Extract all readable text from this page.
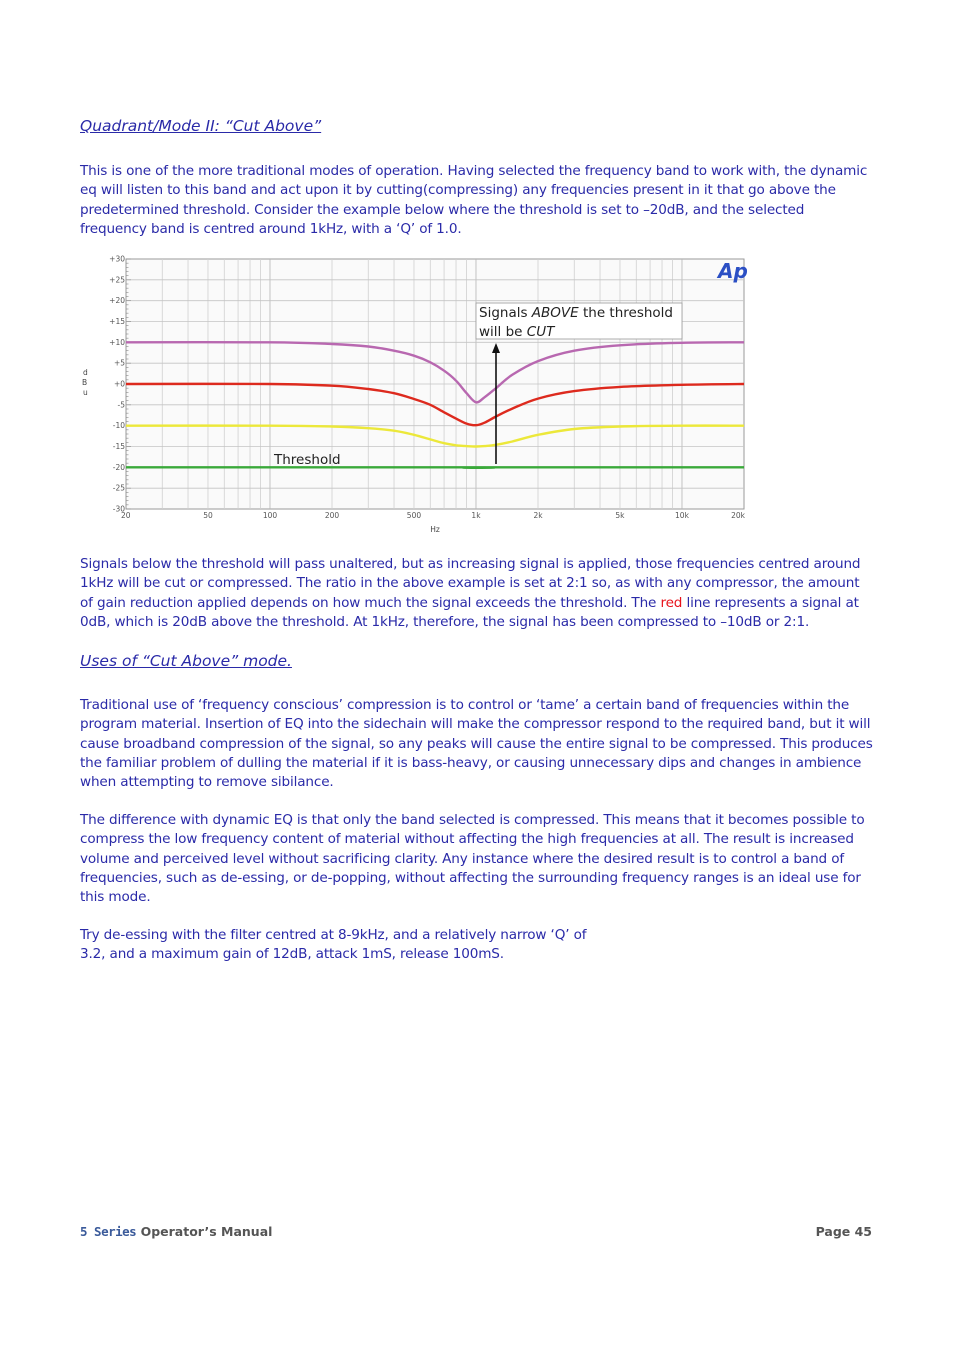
Quadrant/Mode II: “Cut Above”

This is one of the more traditional modes of operation. Having selected the frequency band to work with, the dynamic eq will listen to this band and act upon it by cutting(compressing) any frequencies present in it that go above the predetermined threshold. Consider the example below where the threshold is set to –20dB, and the selected frequency band is centred around 1kHz, with a ‘Q’ of 1.0.

+30
+25
+20
+15
+10
+5
+0
-5
-10
-15
-20
-25
-30
20	50	100	200	500	1k	2k	5k	10k	20k
d
B
u
Hz
Signals ABOVE the threshold
will be CUT
Threshold
Ap

Signals below the threshold will pass unaltered, but as increasing signal is applied, those frequencies centred around 1kHz will be cut or compressed. The ratio in the above example is set at 2:1 so, as with any compressor, the amount of gain reduction applied depends on how much the signal exceeds the threshold. The red line represents a signal at 0dB, which is 20dB above the threshold. At 1kHz, therefore, the signal has been compressed to –10dB or 2:1.

Uses of “Cut Above” mode.

Traditional use of ‘frequency conscious’ compression is to control or ‘tame’ a certain band of frequencies within the program material. Insertion of EQ into the sidechain will make the compressor respond to the required band, but it will cause broadband compression of the signal, so any peaks will cause the entire signal to be compressed. This produces the familiar problem of dulling the material if it is bass-heavy, or causing unnecessary dips and changes in ambience when attempting to remove sibilance.

The difference with dynamic EQ is that only the band selected is compressed. This means that it becomes possible to compress the low frequency content of material without affecting the high frequencies at all. The result is increased volume and perceived level without sacrificing clarity. Any instance where the desired result is to control a band of frequencies, such as de-essing, or de-popping, without affecting the surrounding frequency ranges is an ideal use for this mode.

Try de-essing with the filter centred at 8-9kHz, and a relatively narrow ‘Q’ of
3.2, and a maximum gain of 12dB, attack 1mS, release 100mS.

5 Series Operator’s Manual	Page 45
